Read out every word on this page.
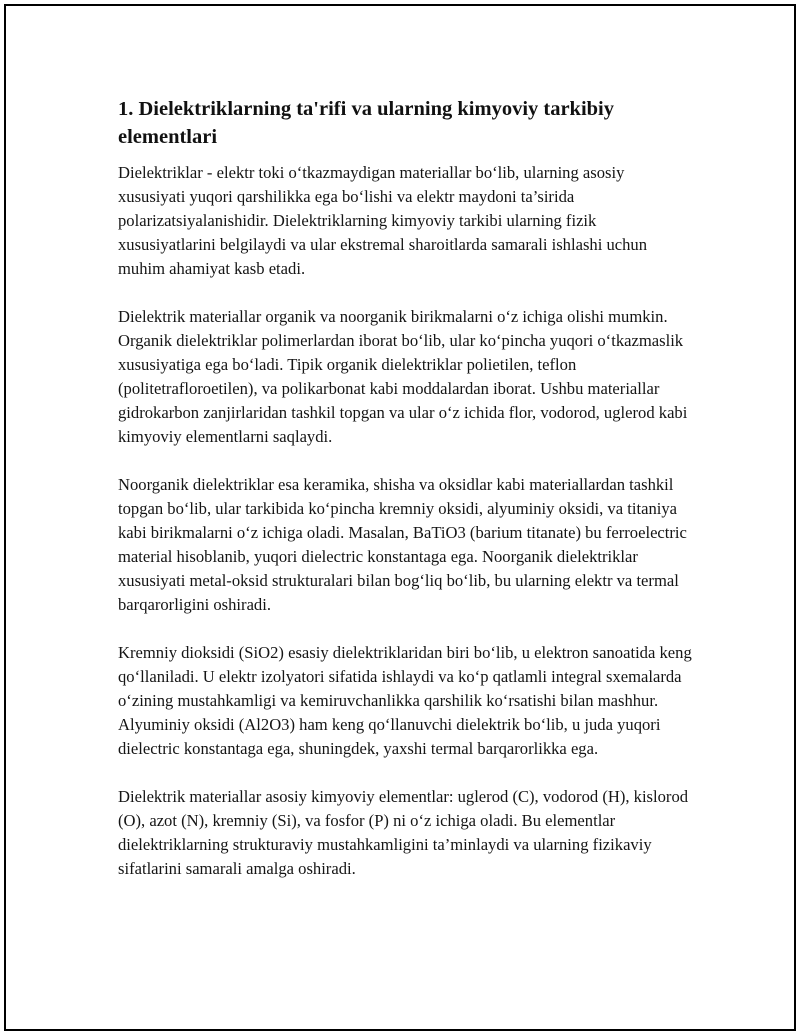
1. Dielektriklarning ta'rifi va ularning kimyoviy tarkibiy elementlari

Dielektriklar - elektr toki o‘tkazmaydigan materiallar bo‘lib, ularning asosiy xususiyati yuqori qarshilikka ega bo‘lishi va elektr maydoni ta’sirida polarizatsiyalanishidir. Dielektriklarning kimyoviy tarkibi ularning fizik xususiyatlarini belgilaydi va ular ekstremal sharoitlarda samarali ishlashi uchun muhim ahamiyat kasb etadi.

Dielektrik materiallar organik va noorganik birikmalarni o‘z ichiga olishi mumkin. Organik dielektriklar polimerlardan iborat bo‘lib, ular ko‘pincha yuqori o‘tkazmaslik xususiyatiga ega bo‘ladi. Tipik organik dielektriklar polietilen, teflon (politetrafloroetilen), va polikarbonat kabi moddalardan iborat. Ushbu materiallar gidrokarbon zanjirlaridan tashkil topgan va ular o‘z ichida flor, vodorod, uglerod kabi kimyoviy elementlarni saqlaydi.

Noorganik dielektriklar esa keramika, shisha va oksidlar kabi materiallardan tashkil topgan bo‘lib, ular tarkibida ko‘pincha kremniy oksidi, alyuminiy oksidi, va titaniya kabi birikmalarni o‘z ichiga oladi. Masalan, BaTiO3 (barium titanate) bu ferroelectric material hisoblanib, yuqori dielectric konstantaga ega. Noorganik dielektriklar xususiyati metal-oksid strukturalari bilan bog‘liq bo‘lib, bu ularning elektr va termal barqarorligini oshiradi.

Kremniy dioksidi (SiO2) esasiy dielektriklaridan biri bo‘lib, u elektron sanoatida keng qo‘llaniladi. U elektr izolyatori sifatida ishlaydi va ko‘p qatlamli integral sxemalarda o‘zining mustahkamligi va kemiruvchanlikka qarshilik ko‘rsatishi bilan mashhur. Alyuminiy oksidi (Al2O3) ham keng qo‘llanuvchi dielektrik bo‘lib, u juda yuqori dielectric konstantaga ega, shuningdek, yaxshi termal barqarorlikka ega.

Dielektrik materiallar asosiy kimyoviy elementlar: uglerod (C), vodorod (H), kislorod (O), azot (N), kremniy (Si), va fosfor (P) ni o‘z ichiga oladi. Bu elementlar dielektriklarning strukturaviy mustahkamligini ta’minlaydi va ularning fizikaviy sifatlarini samarali amalga oshiradi.
